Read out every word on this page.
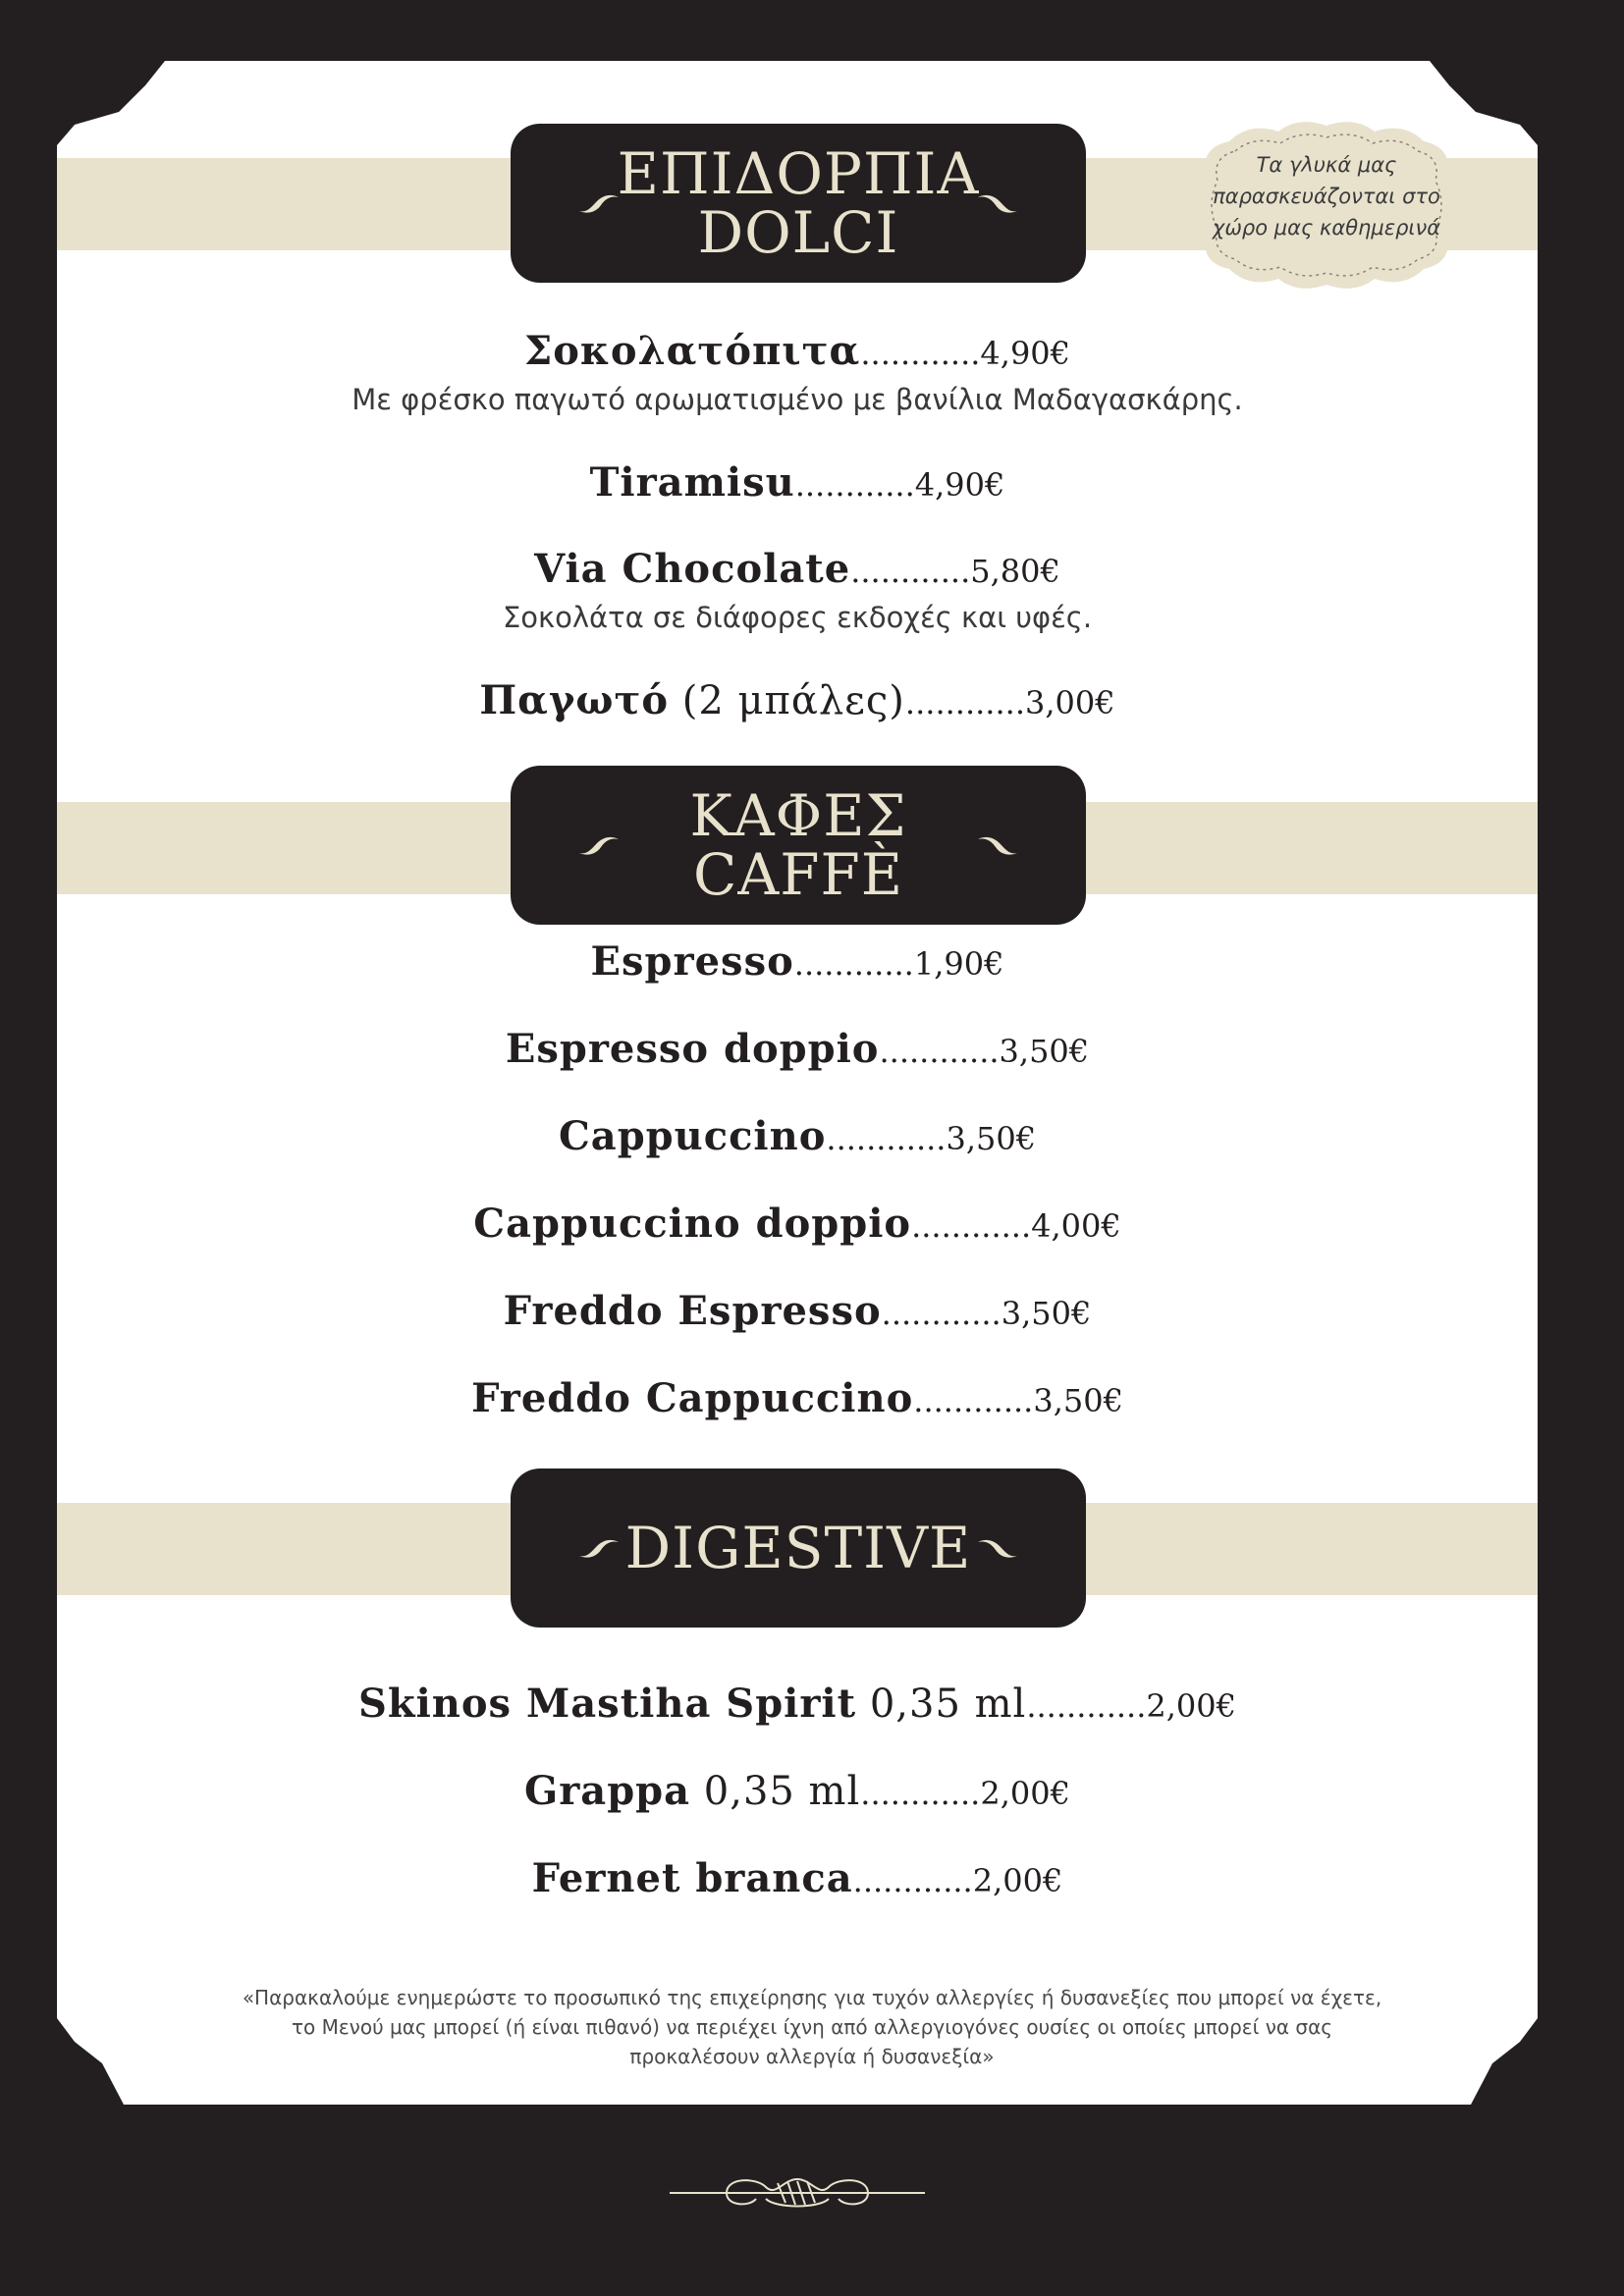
Τα γλυκά μας
παρασκευάζονται στο
χώρο μας καθημερινά
ΕΠΙΔΟΡΠΙΑ
DOLCI
Σοκολατόπιτα............4,90€
Με φρέσκο παγωτό αρωματισμένο με βανίλια Μαδαγασκάρης.
Tiramisu............4,90€
Via Chocolate............5,80€
Σοκολάτα σε διάφορες εκδοχές και υφές.
Παγωτό (2 μπάλες)............3,00€
ΚΑΦΕΣ
CAFFÈ
Espresso............1,90€
Espresso doppio............3,50€
Cappuccino............3,50€
Cappuccino doppio............4,00€
Freddo Espresso............3,50€
Freddo Cappuccino............3,50€
DIGESTIVE
Skinos Mastiha Spirit 0,35 ml............2,00€
Grappa 0,35 ml............2,00€
Fernet branca............2,00€
«Παρακαλούμε ενημερώστε το προσωπικό της επιχείρησης για τυχόν αλλεργίες ή δυσανεξίες που μπορεί να έχετε,
το Μενού μας μπορεί (ή είναι πιθανό) να περιέχει ίχνη από αλλεργιογόνες ουσίες οι οποίες μπορεί να σας
προκαλέσουν αλλεργία ή δυσανεξία»
